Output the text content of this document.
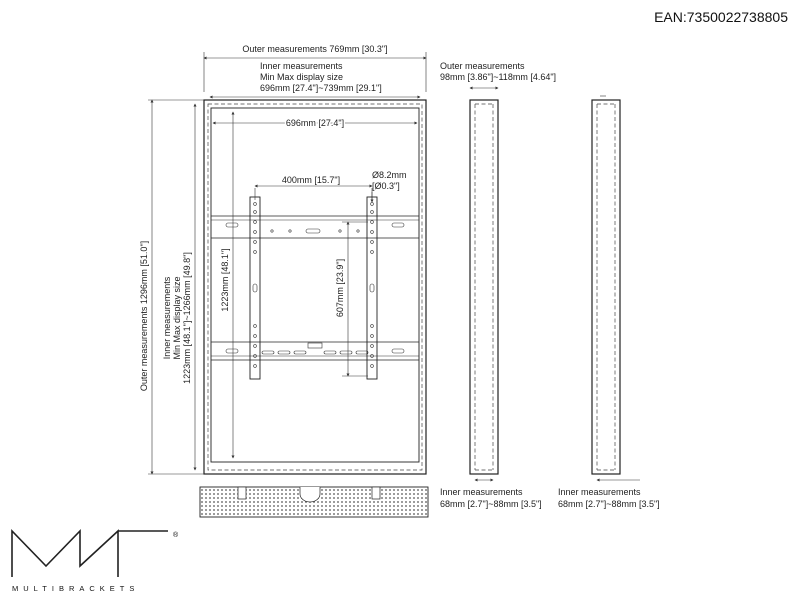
EAN:7350022738805
Outer measurements 769mm [30.3"]
Inner measurements
Min Max display size
696mm [27.4"]~739mm [29.1"]
696mm [27.4"]
400mm [15.7"]	Ø8.2mm
[Ø0.3"]
607mm [23.9"]
1223mm [48.1"]
Inner measurements Min Max display size 1223mm [48.1"]~1266mm [49.8"]
Outer measurements 1296mm [51.0"]
Outer measurements
98mm [3.86"]~118mm [4.64"]
Inner measurements
68mm [2.7"]~88mm [3.5"]
Inner measurements
68mm [2.7"]~88mm [3.5"]
®
MULTIBRACKETS
